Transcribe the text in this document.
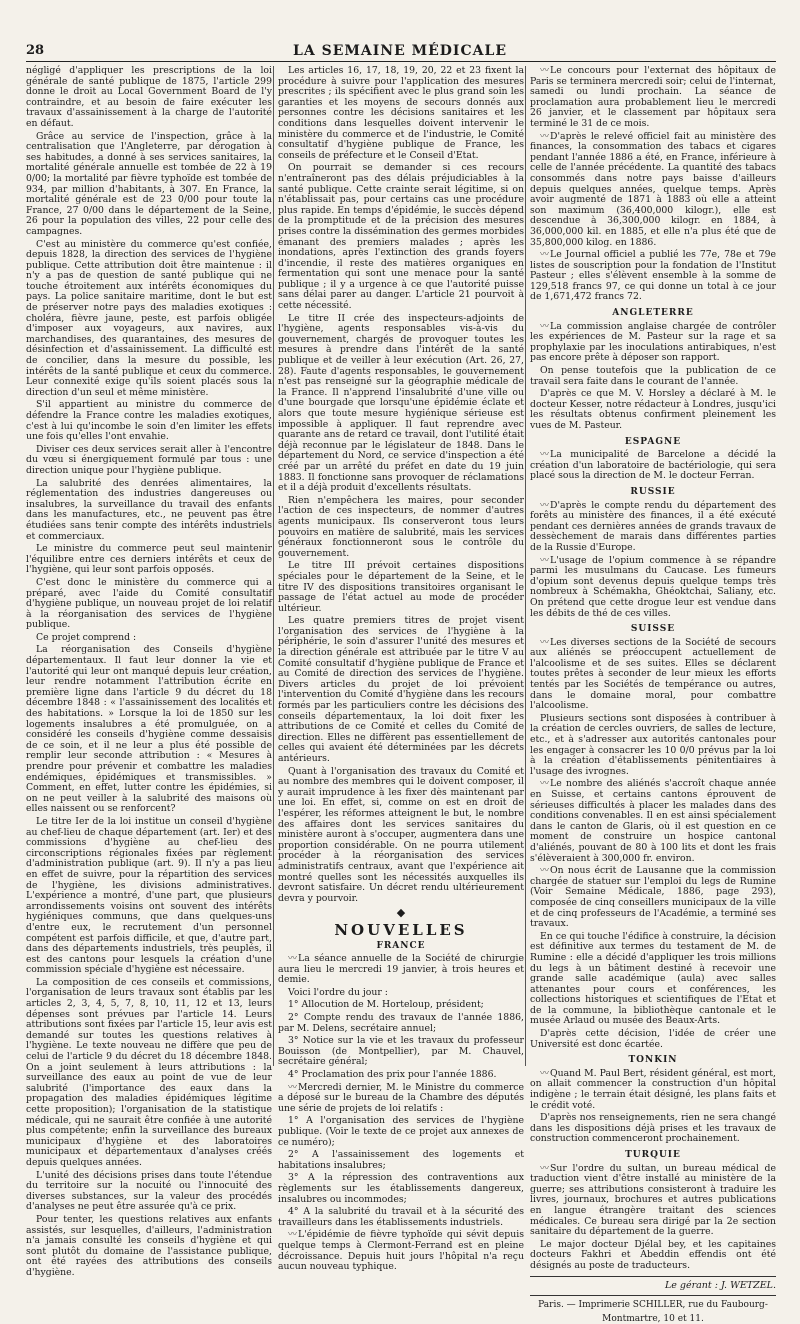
28	LA SEMAINE MÉDICALE

négligé d'appliquer les prescriptions de la loi générale de santé publique de 1875, l'article 299 donne le droit au Local Government Board de l'y contraindre, et au besoin de faire exécuter les travaux d'assainissement à la charge de l'autorité en défaut.

Grâce au service de l'inspection, grâce à la centralisation que l'Angleterre, par dérogation à ses habitudes, a donné à ses services sanitaires, la mortalité générale annuelle est tombée de 22 à 19 0/00; la mortalité par fièvre typhoïde est tombée de 934, par million d'habitants, à 307. En France, la mortalité générale est de 23 0/00 pour toute la France, 27 0/00 dans le département de la Seine, 26 pour la population des villes, 22 pour celle des campagnes.

C'est au ministère du commerce qu'est confiée, depuis 1828, la direction des services de l'hygiène publique. Cette attribution doit être maintenue : il n'y a pas de question de santé publique qui ne touche étroitement aux intérêts économiques du pays. La police sanitaire maritime, dont le but est de préserver notre pays des maladies exotiques : choléra, fièvre jaune, peste, est parfois obligée d'imposer aux voyageurs, aux navires, aux marchandises, des quarantaines, des mesures de désinfection et d'assainissement. La difficulté est de concilier, dans la mesure du possible, les intérêts de la santé publique et ceux du commerce. Leur connexité exige qu'ils soient placés sous la direction d'un seul et même ministère.

S'il appartient au ministre du commerce de défendre la France contre les maladies exotiques, c'est à lui qu'incombe le soin d'en limiter les effets une fois qu'elles l'ont envahie.

Diviser ces deux services serait aller à l'encontre du vœu si énergiquement formulé par tous : une direction unique pour l'hygiène publique.

La salubrité des denrées alimentaires, la réglementation des industries dangereuses ou insalubres, la surveillance du travail des enfants dans les manufactures, etc., ne peuvent pas être étudiées sans tenir compte des intérêts industriels et commerciaux.

Le ministre du commerce peut seul maintenir l'équilibre entre ces derniers intérêts et ceux de l'hygiène, qui leur sont parfois opposés.

C'est donc le ministère du commerce qui a préparé, avec l'aide du Comité consultatif d'hygiène publique, un nouveau projet de loi relatif à la réorganisation des services de l'hygiène publique.

Ce projet comprend :

La réorganisation des Conseils d'hygiène départementaux. Il faut leur donner la vie et l'autorité qui leur ont manqué depuis leur création, leur rendre notamment l'attribution écrite en première ligne dans l'article 9 du décret du 18 décembre 1848 : « l'assainissement des localités et des habitations. » Lorsque la loi de 1850 sur les logements insalubres a été promulguée, on a considéré les conseils d'hygiène comme dessaisis de ce soin, et il ne leur a plus été possible de remplir leur seconde attribution : « Mesures à prendre pour prévenir et combattre les maladies endémiques, épidémiques et transmissibles. » Comment, en effet, lutter contre les épidémies, si on ne peut veiller à la salubrité des maisons où elles naissent ou se renforcent?

Le titre Ier de la loi institue un conseil d'hygiène au chef-lieu de chaque département (art. Ier) et des commissions d'hygiène au chef-lieu des circonscriptions régionales fixées par règlement d'administration publique (art. 9). Il n'y a pas lieu en effet de suivre, pour la répartition des services de l'hygiène, les divisions administratives. L'expérience a montré, d'une part, que plusieurs arrondissements voisins ont souvent des intérêts hygiéniques communs, que dans quelques-uns d'entre eux, le recrutement d'un personnel compétent est parfois difficile, et que, d'autre part, dans des départements industriels, très peuplés, il est des cantons pour lesquels la création d'une commission spéciale d'hygiène est nécessaire.

La composition de ces conseils et commissions, l'organisation de leurs travaux sont établis par les articles 2, 3, 4, 5, 7, 8, 10, 11, 12 et 13, leurs dépenses sont prévues par l'article 14. Leurs attributions sont fixées par l'article 15, leur avis est demandé sur toutes les questions relatives à l'hygiène. Le texte nouveau ne diffère que peu de celui de l'article 9 du décret du 18 décembre 1848. On a joint seulement à leurs attributions : la surveillance des eaux au point de vue de leur salubrité (l'importance des eaux dans la propagation des maladies épidémiques légitime cette proposition); l'organisation de la statistique médicale, qui ne saurait être confiée à une autorité plus compétente; enfin la surveillance des bureaux municipaux d'hygiène et des laboratoires municipaux et départementaux d'analyses créés depuis quelques années.

L'unité des décisions prises dans toute l'étendue du territoire sur la nocuité ou l'innocuité des diverses substances, sur la valeur des procédés d'analyses ne peut être assurée qu'à ce prix.

Pour tenter, les questions relatives aux enfants assistés, sur lesquelles, d'ailleurs, l'administration n'a jamais consulté les conseils d'hygiène et qui sont plutôt du domaine de l'assistance publique, ont été rayées des attributions des conseils d'hygiène.

Les articles 16, 17, 18, 19, 20, 22 et 23 fixent la procédure à suivre pour l'application des mesures prescrites ; ils spécifient avec le plus grand soin les garanties et les moyens de secours donnés aux personnes contre les décisions sanitaires et les conditions dans lesquelles doivent intervenir le ministère du commerce et de l'industrie, le Comité consultatif d'hygiène publique de France, les conseils de préfecture et le Conseil d'Etat.

On pourrait se demander si ces recours n'entraîneront pas des délais préjudiciables à la santé publique. Cette crainte serait légitime, si on n'établissait pas, pour certains cas une procédure plus rapide. En temps d'épidémie, le succès dépend de la promptitude et de la précision des mesures prises contre la dissémination des germes morbides émanant des premiers malades ; après les inondations, après l'extinction des grands foyers d'incendie, il reste des matières organiques en fermentation qui sont une menace pour la santé publique ; il y a urgence à ce que l'autorité puisse sans délai parer au danger. L'article 21 pourvoit à cette nécessité.

Le titre II crée des inspecteurs-adjoints de l'hygiène, agents responsables vis-à-vis du gouvernement, chargés de provoquer toutes les mesures à prendre dans l'intérêt de la santé publique et de veiller à leur exécution (Art. 26, 27, 28). Faute d'agents responsables, le gouvernement n'est pas renseigné sur la géographie médicale de la France. Il n'apprend l'insalubrité d'une ville ou d'une bourgade que lorsqu'une épidémie éclate et alors que toute mesure hygiénique sérieuse est impossible à appliquer. Il faut reprendre avec quarante ans de retard ce travail, dont l'utilité était déjà reconnue par le législateur de 1848. Dans le département du Nord, ce service d'inspection a été créé par un arrêté du préfet en date du 19 juin 1883. Il fonctionne sans provoquer de réclamations et il a déjà produit d'excellents résultats.

Rien n'empêchera les maires, pour seconder l'action de ces inspecteurs, de nommer d'autres agents municipaux. Ils conserveront tous leurs pouvoirs en matière de salubrité, mais les services généraux fonctionneront sous le contrôle du gouvernement.

Le titre III prévoit certaines dispositions spéciales pour le département de la Seine, et le titre IV des dispositions transitoires organisant le passage de l'état actuel au mode de procéder ultérieur.

Les quatre premiers titres de projet visent l'organisation des services de l'hygiène à la périphérie, le soin d'assurer l'unité des mesures et la direction générale est attribuée par le titre V au Comité consultatif d'hygiène publique de France et au Comité de direction des services de l'hygiène. Divers articles du projet de loi prévoient l'intervention du Comité d'hygiène dans les recours formés par les particuliers contre les décisions des conseils départementaux, la loi doit fixer les attributions de ce Comité et celles du Comité de direction. Elles ne diffèrent pas essentiellement de celles qui avaient été déterminées par les décrets antérieurs.

Quant à l'organisation des travaux du Comité et au nombre des membres qui le doivent composer, il y aurait imprudence à les fixer dès maintenant par une loi. En effet, si, comme on est en droit de l'espérer, les réformes atteignent le but, le nombre des affaires dont les services sanitaires du ministère auront à s'occuper, augmentera dans une proportion considérable. On ne pourra utilement procéder à la réorganisation des services administratifs centraux, avant que l'expérience ait montré quelles sont les nécessités auxquelles ils devront satisfaire. Un décret rendu ultérieurement devra y pourvoir.

◆
NOUVELLES
FRANCE

〰 La séance annuelle de la Société de chirurgie aura lieu le mercredi 19 janvier, à trois heures et demie.

Voici l'ordre du jour :

1° Allocution de M. Horteloup, président;

2° Compte rendu des travaux de l'année 1886, par M. Delens, secrétaire annuel;

3° Notice sur la vie et les travaux du professeur Bouisson (de Montpellier), par M. Chauvel, secrétaire général;

4° Proclamation des prix pour l'année 1886.

〰 Mercredi dernier, M. le Ministre du commerce a déposé sur le bureau de la Chambre des députés une série de projets de loi relatifs :

1° A l'organisation des services de l'hygiène publique. (Voir le texte de ce projet aux annexes de ce numéro);

2° A l'assainissement des logements et habitations insalubres;

3° A la répression des contraventions aux règlements sur les établissements dangereux, insalubres ou incommodes;

4° A la salubrité du travail et à la sécurité des travailleurs dans les établissements industriels.

〰 L'épidémie de fièvre typhoïde qui sévit depuis quelque temps à Clermont-Ferrand est en pleine décroissance. Depuis huit jours l'hôpital n'a reçu aucun nouveau typhique.

〰 Le concours pour l'externat des hôpitaux de Paris se terminera mercredi soir; celui de l'internat, samedi ou lundi prochain. La séance de proclamation aura probablement lieu le mercredi 26 janvier, et le classement par hôpitaux sera terminé le 31 de ce mois.

〰 D'après le relevé officiel fait au ministère des finances, la consommation des tabacs et cigares pendant l'année 1886 a été, en France, inférieure à celle de l'année précédente. La quantité des tabacs consommés dans notre pays baisse d'ailleurs depuis quelques années, quelque temps. Après avoir augmenté de 1871 à 1883 où elle a atteint son maximum (36,400,000 kilogr.), elle est descendue à 36,300,000 kilogr. en 1884, à 36,000,000 kil. en 1885, et elle n'a plus été que de 35,800,000 kilog. en 1886.

〰 Le Journal officiel a publié les 77e, 78e et 79e listes de souscription pour la fondation de l'Institut Pasteur ; elles s'élèvent ensemble à la somme de 129,518 francs 97, ce qui donne un total à ce jour de 1,671,472 francs 72.

ANGLETERRE

〰 La commission anglaise chargée de contrôler les expériences de M. Pasteur sur la rage et sa prophylaxie par les inoculations antirabiques, n'est pas encore prête à déposer son rapport.

On pense toutefois que la publication de ce travail sera faite dans le courant de l'année.

D'après ce que M. V. Horsley a déclaré à M. le docteur Kesser, notre rédacteur à Londres, jusqu'ici les résultats obtenus confirment pleinement les vues de M. Pasteur.

ESPAGNE

〰 La municipalité de Barcelone a décidé la création d'un laboratoire de bactériologie, qui sera placé sous la direction de M. le docteur Ferran.

RUSSIE

〰 D'après le compte rendu du département des forêts au ministère des finances, il a été exécuté pendant ces dernières années de grands travaux de dessèchement de marais dans différentes parties de la Russie d'Europe.

〰 L'usage de l'opium commence à se répandre parmi les musulmans du Caucase. Les fumeurs d'opium sont devenus depuis quelque temps très nombreux à Schémakha, Ghéoktchai, Saliany, etc. On prétend que cette drogue leur est vendue dans les débits de thé de ces villes.

SUISSE

〰 Les diverses sections de la Société de secours aux aliénés se préoccupent actuellement de l'alcoolisme et de ses suites. Elles se déclarent toutes prêtes à seconder de leur mieux les efforts tentés par les Sociétés de tempérance ou autres, dans le domaine moral, pour combattre l'alcoolisme.

Plusieurs sections sont disposées à contribuer à la création de cercles ouvriers, de salles de lecture, etc., et à s'adresser aux autorités cantonales pour les engager à consacrer les 10 0/0 prévus par la loi à la création d'établissements pénitentiaires à l'usage des ivrognes.

〰 Le nombre des aliénés s'accroît chaque année en Suisse, et certains cantons éprouvent de sérieuses difficultés à placer les malades dans des conditions convenables. Il en est ainsi spécialement dans le canton de Glaris, où il est question en ce moment de construire un hospice cantonal d'aliénés, pouvant de 80 à 100 lits et dont les frais s'élèveraient à 300,000 fr. environ.

〰 On nous écrit de Lausanne que la commission chargée de statuer sur l'emploi du legs de Rumine (Voir Semaine Médicale, 1886, page 293), composée de cinq conseillers municipaux de la ville et de cinq professeurs de l'Académie, a terminé ses travaux.

En ce qui touche l'édifice à construire, la décision est définitive aux termes du testament de M. de Rumine : elle a décidé d'appliquer les trois millions du legs à un bâtiment destiné à recevoir une grande salle académique (aula) avec salles attenantes pour cours et conférences, les collections historiques et scientifiques de l'Etat et de la commune, la bibliothèque cantonale et le musée Arlaud ou musée des Beaux-Arts.

D'après cette décision, l'idée de créer une Université est donc écartée.

TONKIN

〰 Quand M. Paul Bert, résident général, est mort, on allait commencer la construction d'un hôpital indigène ; le terrain était désigné, les plans faits et le crédit voté.

D'après nos renseignements, rien ne sera changé dans les dispositions déjà prises et les travaux de construction commenceront prochainement.

TURQUIE

〰 Sur l'ordre du sultan, un bureau médical de traduction vient d'être installé au ministère de la guerre; ses attributions consisteront à traduire les livres, journaux, brochures et autres publications en langue étrangère traitant des sciences médicales. Ce bureau sera dirigé par la 2e section sanitaire du département de la guerre.

Le major docteur Djélal bey, et les capitaines docteurs Fakhri et Abeddin effendis ont été désignés au poste de traducteurs.

Le gérant : J. WETZEL.
Paris. — Imprimerie SCHILLER, rue du Faubourg-
Montmartre, 10 et 11.
